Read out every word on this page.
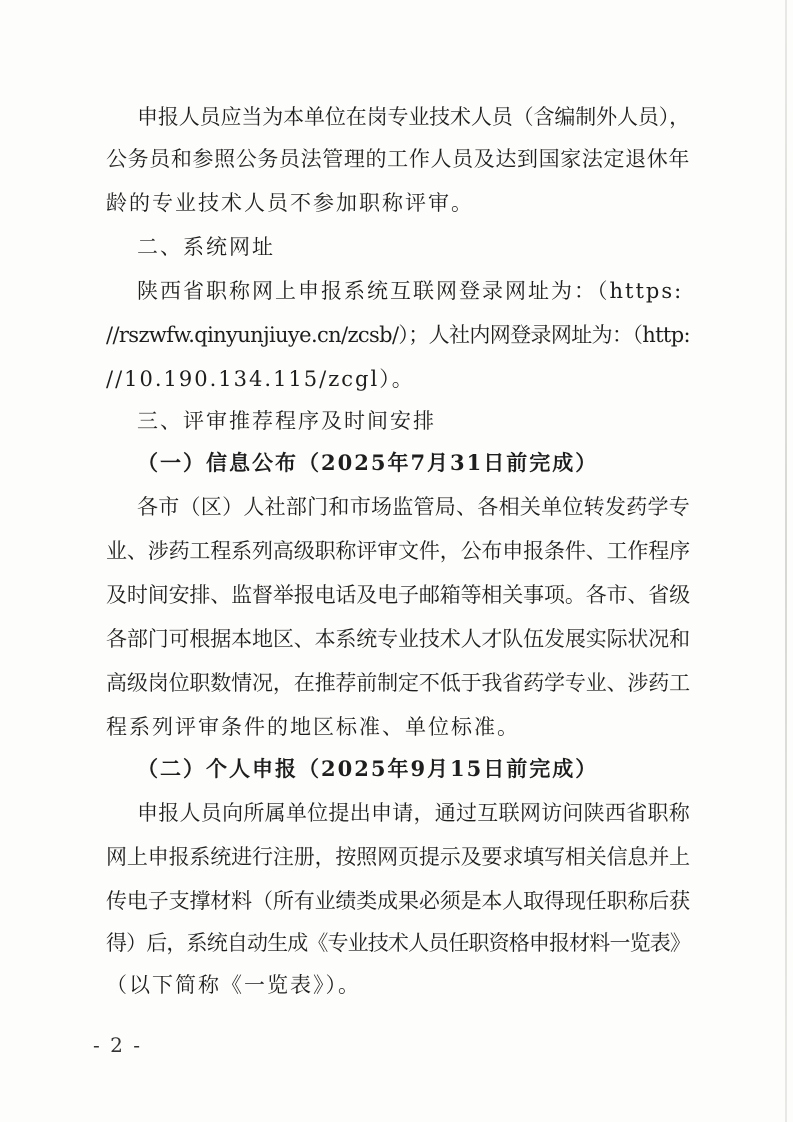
申报人员应当为本单位在岗专业技术人员（含编制外人员），
公务员和参照公务员法管理的工作人员及达到国家法定退休年
龄的专业技术人员不参加职称评审。
二、系统网址
陕西省职称网上申报系统互联网登录网址为：（https:
//rszwfw.qinyunjiuye.cn/zcsb/）；人社内网登录网址为：（http:
//10.190.134.115/zcgl）。
三、评审推荐程序及时间安排
（一）信息公布（2025年7月31日前完成）
各市（区）人社部门和市场监管局、各相关单位转发药学专
业、涉药工程系列高级职称评审文件，公布申报条件、工作程序
及时间安排、监督举报电话及电子邮箱等相关事项。各市、省级
各部门可根据本地区、本系统专业技术人才队伍发展实际状况和
高级岗位职数情况，在推荐前制定不低于我省药学专业、涉药工
程系列评审条件的地区标准、单位标准。
（二）个人申报（2025年9月15日前完成）
申报人员向所属单位提出申请，通过互联网访问陕西省职称
网上申报系统进行注册，按照网页提示及要求填写相关信息并上
传电子支撑材料（所有业绩类成果必须是本人取得现任职称后获
得）后，系统自动生成《专业技术人员任职资格申报材料一览表》
（以下简称《一览表》）。
- 2 -
